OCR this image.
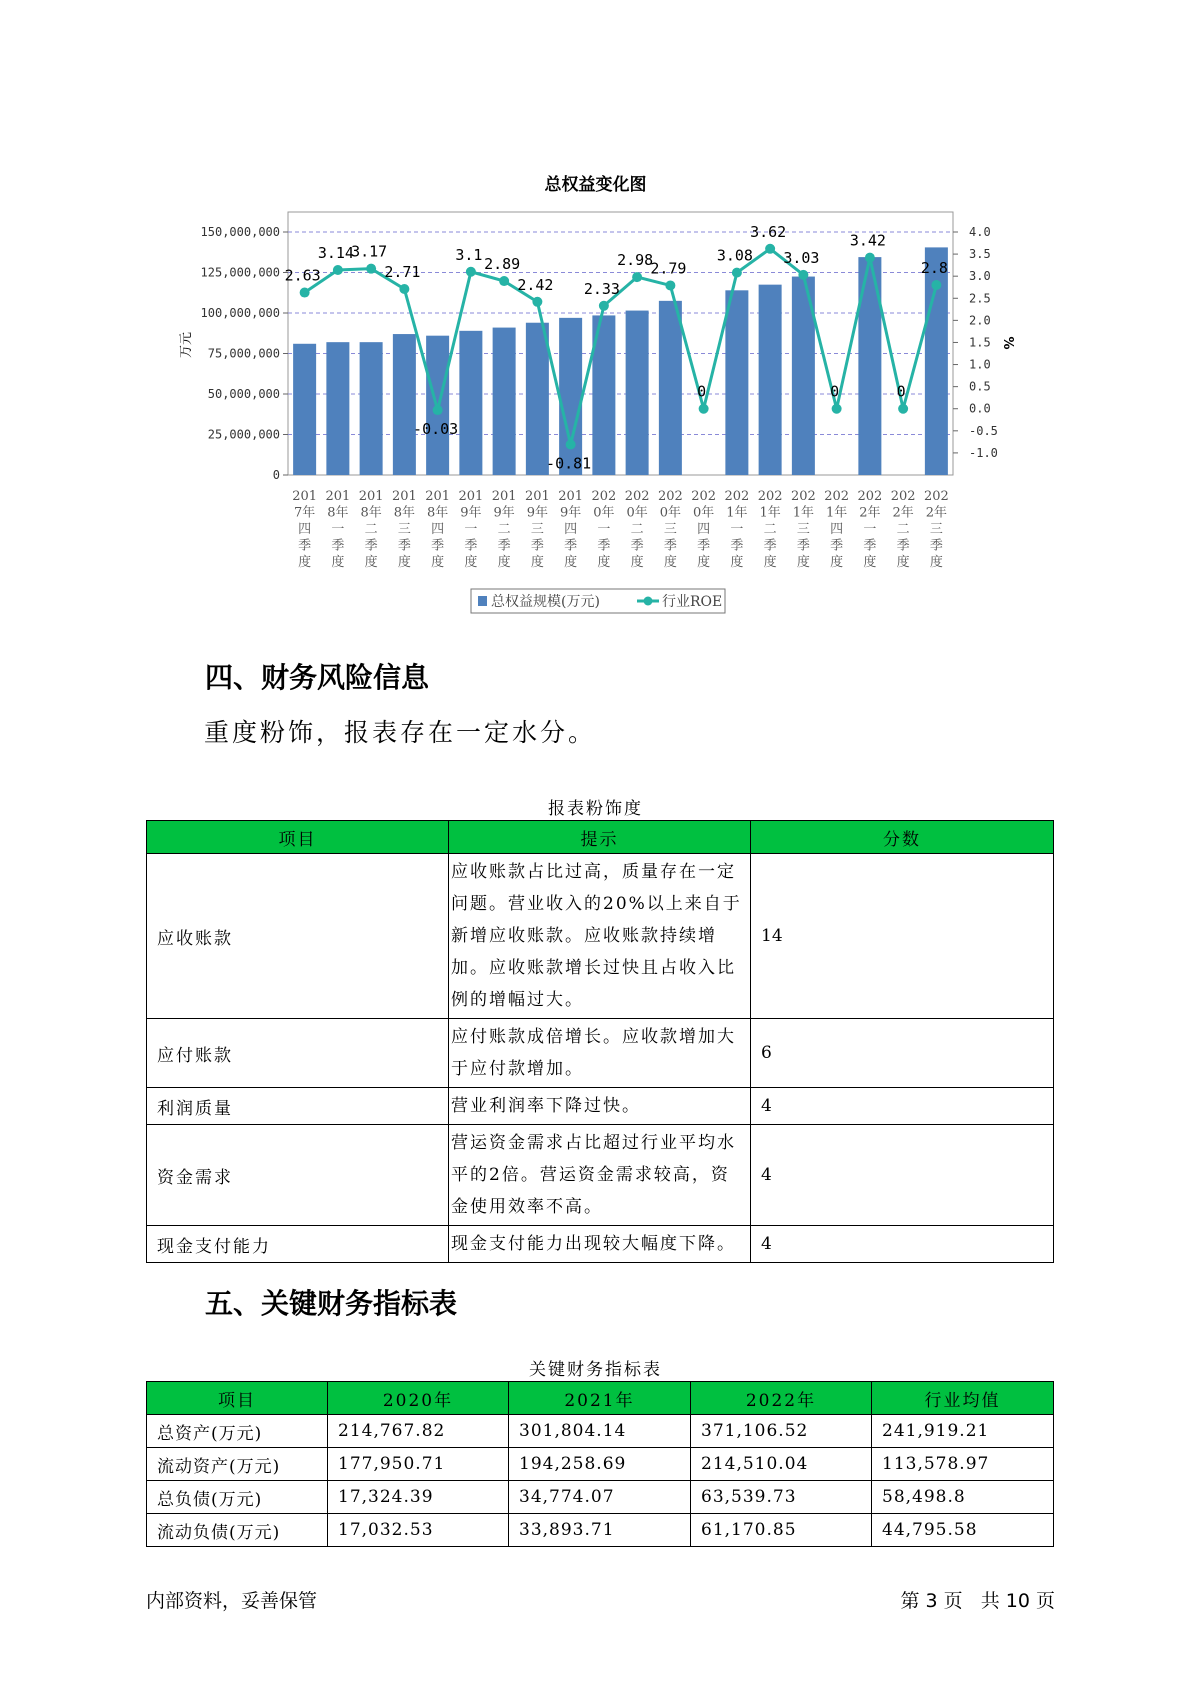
总权益变化图
0
25,000,000
50,000,000
75,000,000
100,000,000
125,000,000
150,000,000
-1.0
-0.5
0.0
0.5
1.0
1.5
2.0
2.5
3.0
3.5
4.0
万元	%
2.63
3.14
3.17
2.71
-0.03
3.1
2.89
2.42
-0.81
2.33
2.98
2.79
0
3.08
3.62
3.03
0
3.42
0
2.8
201
7年
四
季
度
201
8年
一
季
度
201
8年
二
季
度
201
8年
三
季
度
201
8年
四
季
度
201
9年
一
季
度
201
9年
二
季
度
201
9年
三
季
度
201
9年
四
季
度
202
0年
一
季
度
202
0年
二
季
度
202
0年
三
季
度
202
0年
四
季
度
202
1年
一
季
度
202
1年
二
季
度
202
1年
三
季
度
202
1年
四
季
度
202
2年
一
季
度
202
2年
二
季
度
202
2年
三
季
度
总权益规模(万元)	行业ROE
四、财务风险信息
重度粉饰，报表存在一定水分。
报表粉饰度
项目	提示	分数
应收账款	应收账款占比过高，质量存在一定问题。营业收入的20%以上来自于新增应收账款。应收账款持续增加。应收账款增长过快且占收入比例的增幅过大。	14
应付账款	应付账款成倍增长。应收款增加大于应付款增加。	6
利润质量	营业利润率下降过快。	4
资金需求	营运资金需求占比超过行业平均水平的2倍。营运资金需求较高，资金使用效率不高。	4
现金支付能力	现金支付能力出现较大幅度下降。	4
五、关键财务指标表
关键财务指标表
项目	2020年	2021年	2022年	行业均值
总资产(万元)	214,767.82	301,804.14	371,106.52	241,919.21
流动资产(万元)	177,950.71	194,258.69	214,510.04	113,578.97
总负债(万元)	17,324.39	34,774.07	63,539.73	58,498.8
流动负债(万元)	17,032.53	33,893.71	61,170.85	44,795.58
内部资料，妥善保管	第 3 页   共 10 页
